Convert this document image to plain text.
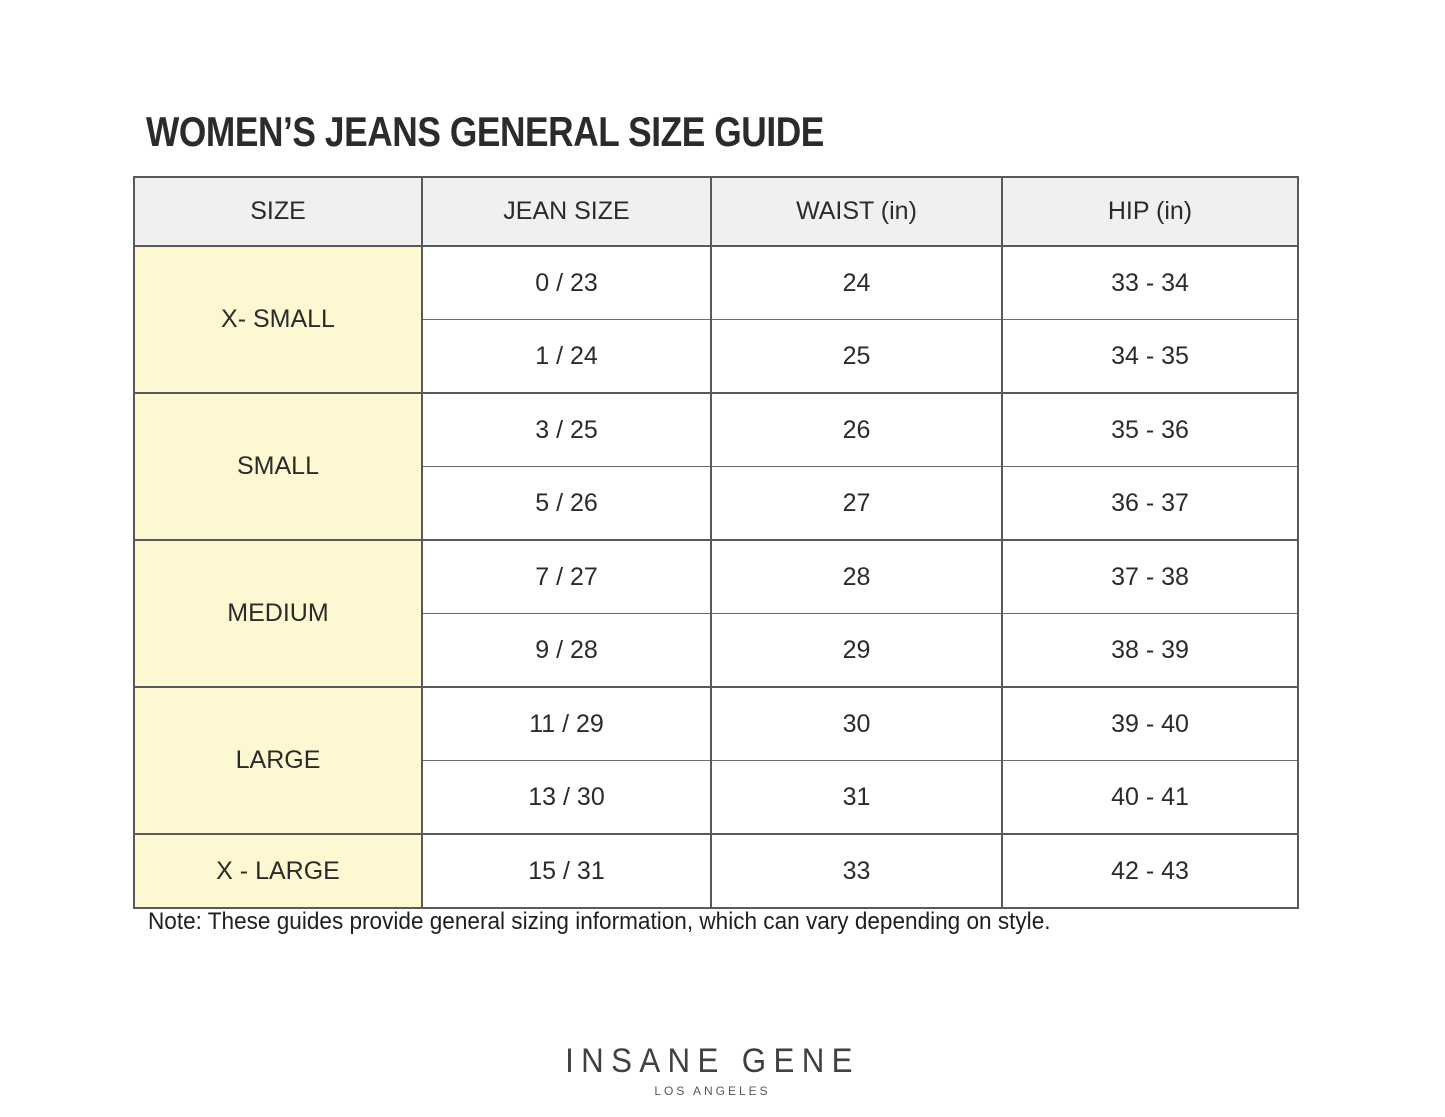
WOMEN’S JEANS GENERAL SIZE GUIDE
SIZE	JEAN SIZE	WAIST (in)	HIP (in)
X- SMALL	0 / 23	24	33 - 34
	1 / 24	25	34 - 35
SMALL	3 / 25	26	35 - 36
	5 / 26	27	36 - 37
MEDIUM	7 / 27	28	37 - 38
	9 / 28	29	38 - 39
LARGE	11 / 29	30	39 - 40
	13 / 30	31	40 - 41
X - LARGE	15 / 31	33	42 - 43

Note: These guides provide general sizing information, which can vary depending on style.

INSANE GENE
LOS ANGELES
